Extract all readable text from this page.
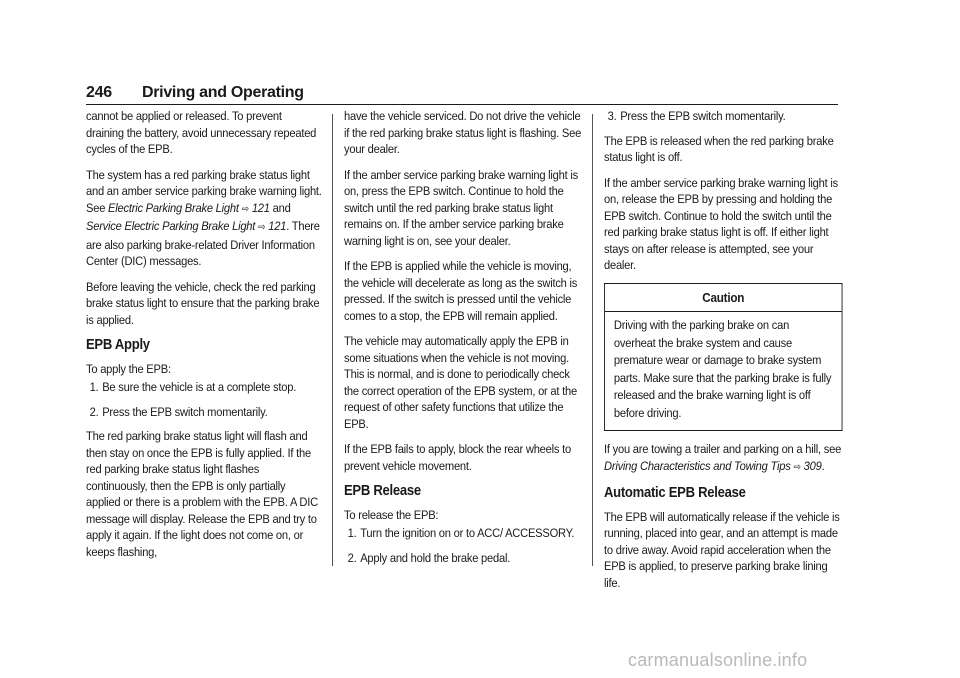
246 Driving and Operating

cannot be applied or released. To prevent draining the battery, avoid unnecessary repeated cycles of the EPB.

The system has a red parking brake status light and an amber service parking brake warning light. See Electric Parking Brake Light ⇨ 121 and Service Electric Parking Brake Light ⇨ 121. There are also parking brake-related Driver Information Center (DIC) messages.

Before leaving the vehicle, check the red parking brake status light to ensure that the parking brake is applied.

EPB Apply

To apply the EPB:

1. Be sure the vehicle is at a complete stop.
2. Press the EPB switch momentarily.

The red parking brake status light will flash and then stay on once the EPB is fully applied. If the red parking brake status light flashes continuously, then the EPB is only partially applied or there is a problem with the EPB. A DIC message will display. Release the EPB and try to apply it again. If the light does not come on, or keeps flashing,

have the vehicle serviced. Do not drive the vehicle if the red parking brake status light is flashing. See your dealer.

If the amber service parking brake warning light is on, press the EPB switch. Continue to hold the switch until the red parking brake status light remains on. If the amber service parking brake warning light is on, see your dealer.

If the EPB is applied while the vehicle is moving, the vehicle will decelerate as long as the switch is pressed. If the switch is pressed until the vehicle comes to a stop, the EPB will remain applied.

The vehicle may automatically apply the EPB in some situations when the vehicle is not moving. This is normal, and is done to periodically check the correct operation of the EPB system, or at the request of other safety functions that utilize the EPB.

If the EPB fails to apply, block the rear wheels to prevent vehicle movement.

EPB Release

To release the EPB:

1. Turn the ignition on or to ACC/ ACCESSORY.
2. Apply and hold the brake pedal.
3. Press the EPB switch momentarily.

The EPB is released when the red parking brake status light is off.

If the amber service parking brake warning light is on, release the EPB by pressing and holding the EPB switch. Continue to hold the switch until the red parking brake status light is off. If either light stays on after release is attempted, see your dealer.

Caution
Driving with the parking brake on can overheat the brake system and cause premature wear or damage to brake system parts. Make sure that the parking brake is fully released and the brake warning light is off before driving.

If you are towing a trailer and parking on a hill, see Driving Characteristics and Towing Tips ⇨ 309.

Automatic EPB Release

The EPB will automatically release if the vehicle is running, placed into gear, and an attempt is made to drive away. Avoid rapid acceleration when the EPB is applied, to preserve parking brake lining life.

carmanualsonline.info
